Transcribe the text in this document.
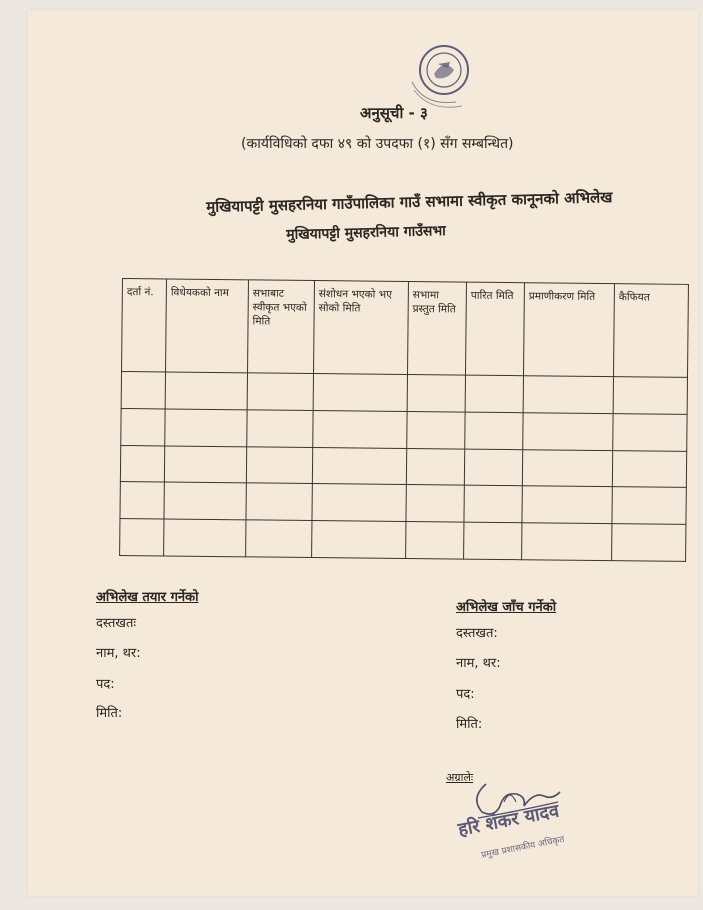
अनुसूची - ३
(कार्यविधिको दफा ४९ को उपदफा (१) सँग सम्बन्धित)
मुखियापट्टी मुसहरनिया गाउँपालिका गाउँ सभामा स्वीकृत कानूनको अभिलेख
मुखियापट्टी मुसहरनिया गाउँसभा
दर्ता नं.	विधेयकको नाम	सभाबाट स्वीकृत भएको मिति	संशोधन भएको भए सोको मिति	सभामा प्रस्तुत मिति	पारित मिति	प्रमाणीकरण मिति	कैफियत

अभिलेख तयार गर्नेको
दस्तखतः
नाम, थर:
पद:
मिति:
अभिलेख जाँच गर्नेको
दस्तखत:
नाम, थर:
पद:
मिति:
अग्रालेः
हरि शंकर यादव
प्रमुख प्रशासकीय अधिकृत
